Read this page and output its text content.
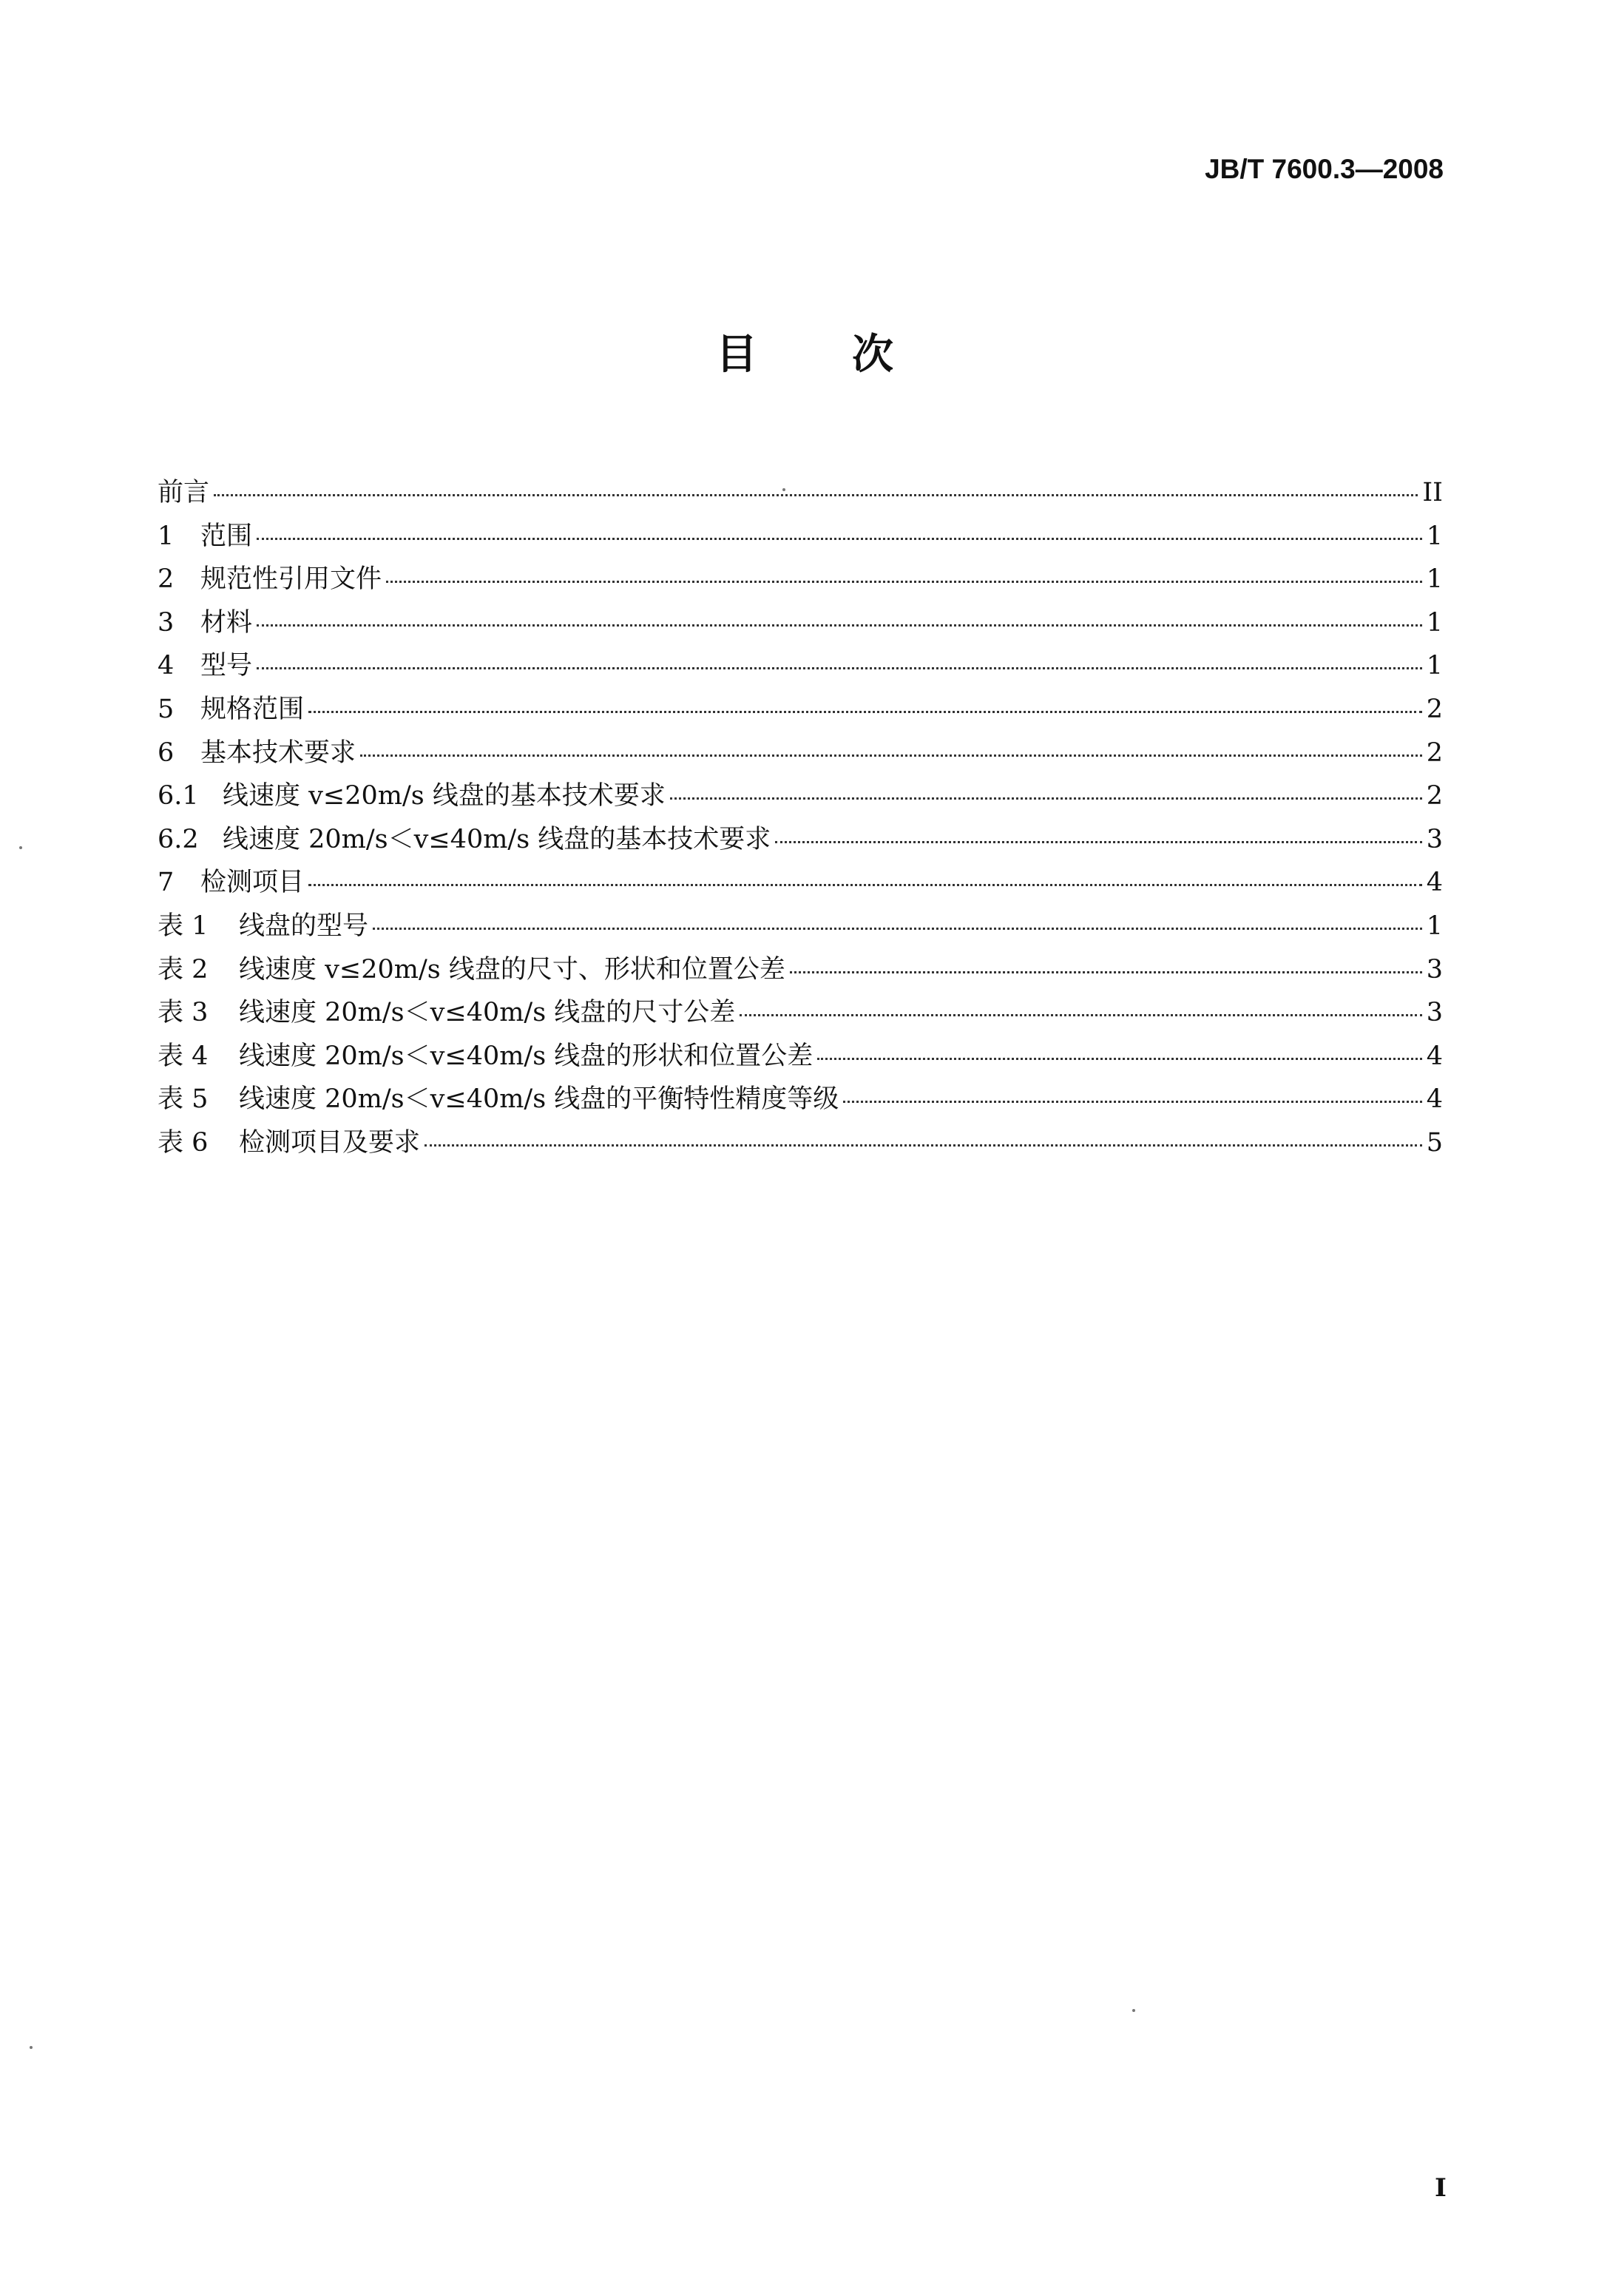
JB/T 7600.3—2008
目 次
前言	II
1	范围	1
2	规范性引用文件	1
3	材料	1
4	型号	1
5	规格范围	2
6	基本技术要求	2
6.1 线速度 v≤20m/s 线盘的基本技术要求	2
6.2 线速度 20m/s＜v≤40m/s 线盘的基本技术要求	3
7	检测项目	4
表 1	线盘的型号	1
表 2	线速度 v≤20m/s 线盘的尺寸、形状和位置公差	3
表 3	线速度 20m/s＜v≤40m/s 线盘的尺寸公差	3
表 4	线速度 20m/s＜v≤40m/s 线盘的形状和位置公差	4
表 5	线速度 20m/s＜v≤40m/s 线盘的平衡特性精度等级	4
表 6	检测项目及要求	5
I
